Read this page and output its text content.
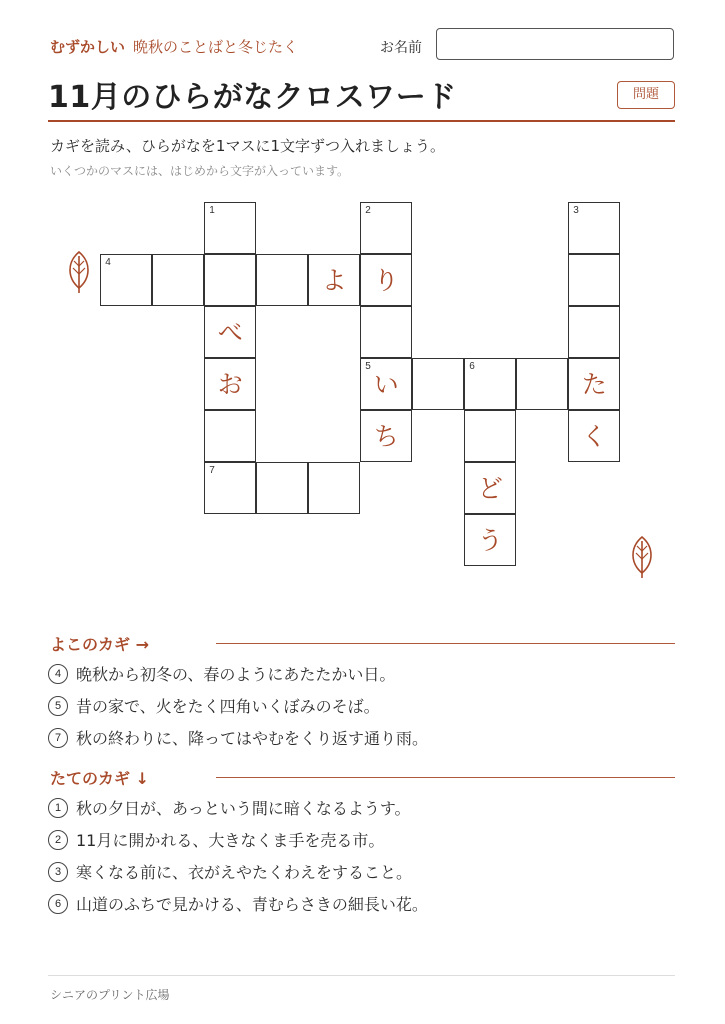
むずかしい 晩秋のことばと冬じたく	お名前
11月のひらがなクロスワード	問題
カギを読み、ひらがなを1マスに1文字ずつ入れましょう。
いくつかのマスには、はじめから文字が入っています。
1	2	3
4
よ	り
べ
お
5
い
6
た
ち	く
7
ど
う
よこのカギ →
4 晩秋から初冬の、春のようにあたたかい日。
5 昔の家で、火をたく四角いくぼみのそば。
7 秋の終わりに、降ってはやむをくり返す通り雨。
たてのカギ ↓
1 秋の夕日が、あっという間に暗くなるようす。
2 11月に開かれる、大きなくま手を売る市。
3 寒くなる前に、衣がえやたくわえをすること。
6 山道のふちで見かける、青むらさきの細長い花。
シニアのプリント広場
